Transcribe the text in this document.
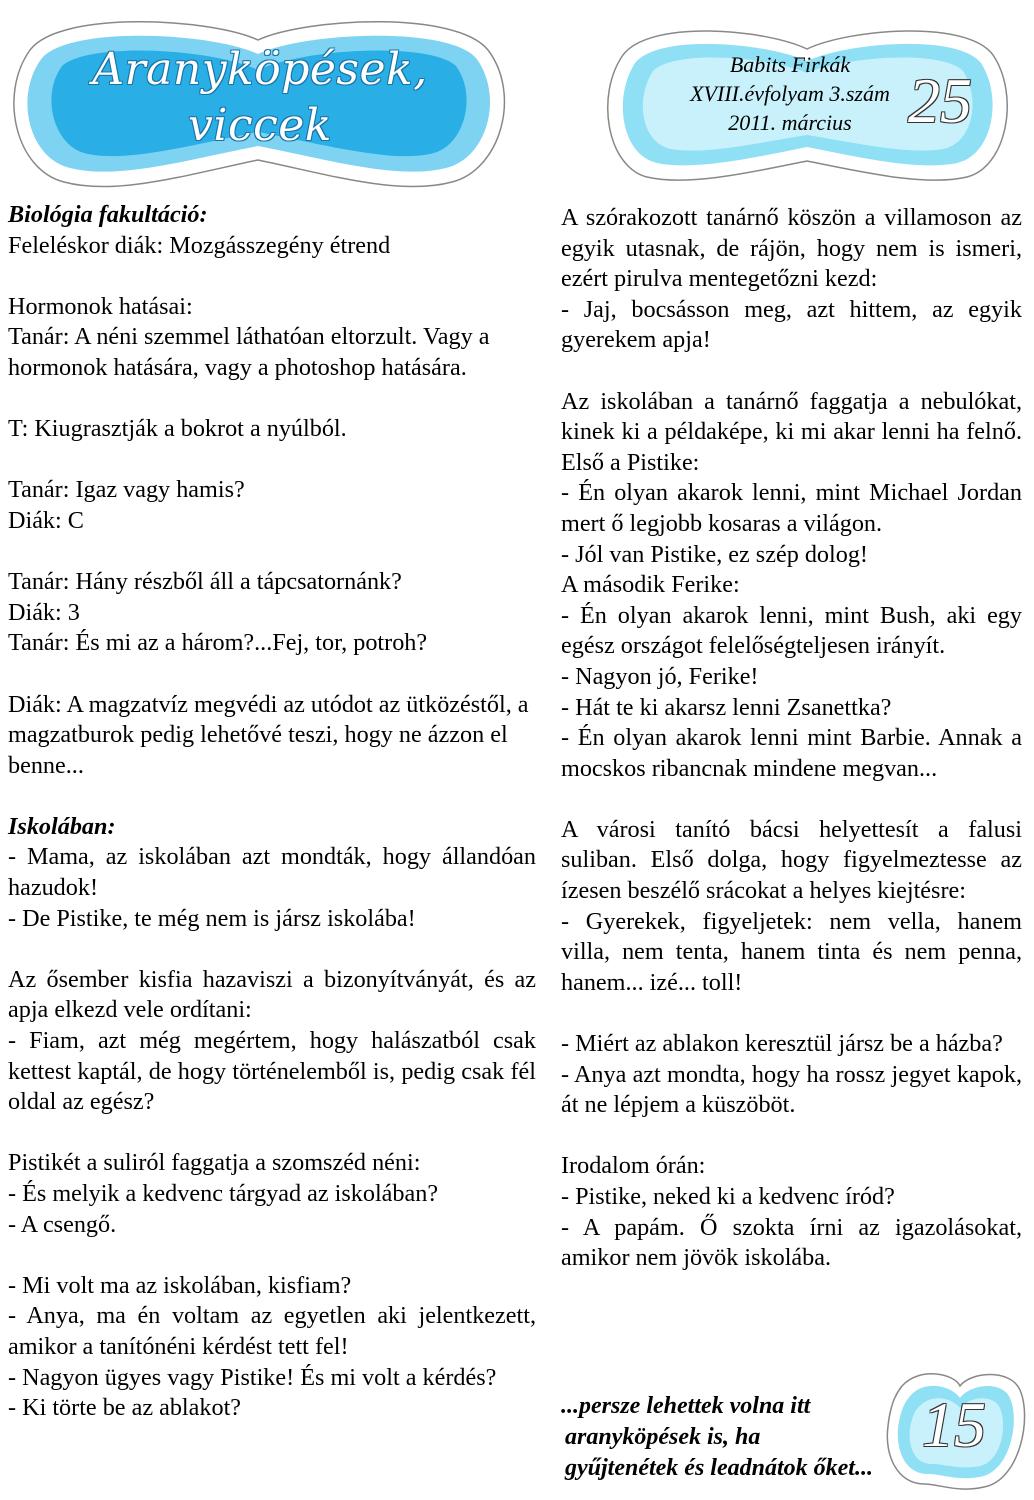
Aranyköpések,
viccek
Babits Firkák
XVIII.évfolyam 3.szám
2011. március 25

Biológia fakultáció:

Feleléskor diák: Mozgásszegény étrend

Hormonok hatásai:

Tanár: A néni szemmel láthatóan eltorzult. Vagy a hormonok hatására, vagy a photoshop hatására.

T: Kiugrasztják a bokrot a nyúlból.

Tanár: Igaz vagy hamis?

Diák: C

Tanár: Hány részből áll a tápcsatornánk?

Diák: 3

Tanár: És mi az a három?...Fej, tor, potroh?

Diák: A magzatvíz megvédi az utódot az ütközéstől, a magzatburok pedig lehetővé teszi, hogy ne ázzon el benne...

Iskolában:

- Mama, az iskolában azt mondták, hogy állandóan hazudok!

- De Pistike, te még nem is jársz iskolába!

Az ősember kisfia hazaviszi a bizonyítványát, és az apja elkezd vele ordítani:

- Fiam, azt még megértem, hogy halászatból csak kettest kaptál, de hogy történelemből is, pedig csak fél oldal az egész?

Pistikét a suliról faggatja a szomszéd néni:

- És melyik a kedvenc tárgyad az iskolában?

- A csengő.

- Mi volt ma az iskolában, kisfiam?

- Anya, ma én voltam az egyetlen aki jelentkezett, amikor a tanítónéni kérdést tett fel!

- Nagyon ügyes vagy Pistike! És mi volt a kérdés?

- Ki törte be az ablakot?

A szórakozott tanárnő köszön a villamoson az egyik utasnak, de rájön, hogy nem is ismeri, ezért pirulva mentegetőzni kezd:

- Jaj, bocsásson meg, azt hittem, az egyik gyerekem apja!

Az iskolában a tanárnő faggatja a nebulókat, kinek ki a példaképe, ki mi akar lenni ha felnő. Első a Pistike:

- Én olyan akarok lenni, mint Michael Jordan mert ő legjobb kosaras a világon.

- Jól van Pistike, ez szép dolog!

A második Ferike:

- Én olyan akarok lenni, mint Bush, aki egy egész országot felelőségteljesen irányít.

- Nagyon jó, Ferike!

- Hát te ki akarsz lenni Zsanettka?

- Én olyan akarok lenni mint Barbie. Annak a mocskos ribancnak mindene megvan...

A városi tanító bácsi helyettesít a falusi suliban. Első dolga, hogy figyelmeztesse az ízesen beszélő srácokat a helyes kiejtésre:

- Gyerekek, figyeljetek: nem vella, hanem villa, nem tenta, hanem tinta és nem penna, hanem... izé... toll!

- Miért az ablakon keresztül jársz be a házba?

- Anya azt mondta, hogy ha rossz jegyet kapok, át ne lépjem a küszöböt.

Irodalom órán:

- Pistike, neked ki a kedvenc íród?

- A papám. Ő szokta írni az igazolásokat, amikor nem jövök iskolába.

...persze lehettek volna itt
aranyköpések is, ha
gyűjtenétek és leadnátok őket...
15
